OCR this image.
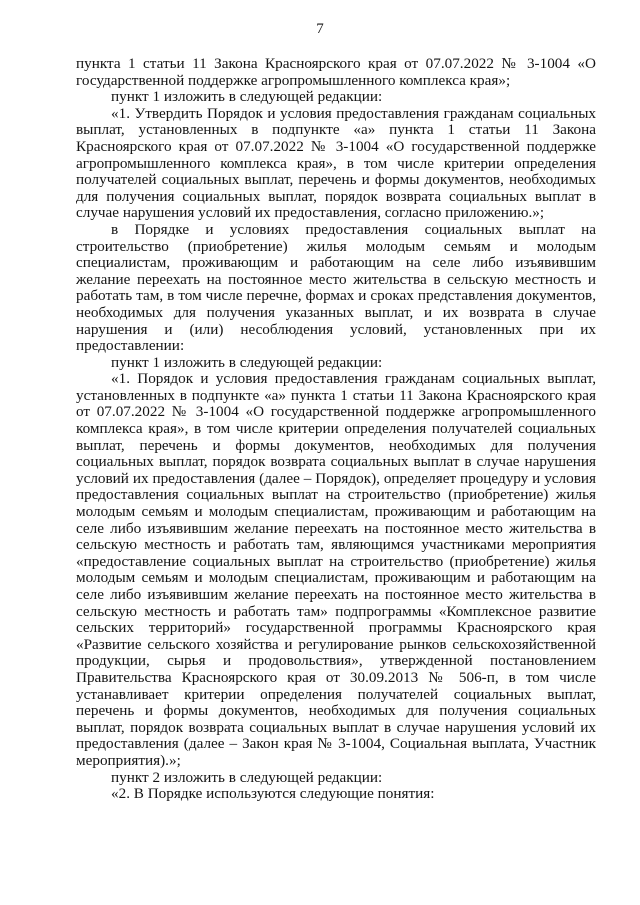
7

пункта 1 статьи 11 Закона Красноярского края от 07.07.2022 № 3-1004 «О государственной поддержке агропромышленного комплекса края»;

пункт 1 изложить в следующей редакции:

«1. Утвердить Порядок и условия предоставления гражданам социальных выплат, установленных в подпункте «а» пункта 1 статьи 11 Закона Красноярского края от 07.07.2022 № 3-1004 «О государственной поддержке агропромышленного комплекса края», в том числе критерии определения получателей социальных выплат, перечень и формы документов, необходимых для получения социальных выплат, порядок возврата социальных выплат в случае нарушения условий их предоставления, согласно приложению.»;

в Порядке и условиях предоставления социальных выплат на строительство (приобретение) жилья молодым семьям и молодым специалистам, проживающим и работающим на селе либо изъявившим желание переехать на постоянное место жительства в сельскую местность и работать там, в том числе перечне, формах и сроках представления документов, необходимых для получения указанных выплат, и их возврата в случае нарушения и (или) несоблюдения условий, установленных при их предоставлении:

пункт 1 изложить в следующей редакции:

«1. Порядок и условия предоставления гражданам социальных выплат, установленных в подпункте «а» пункта 1 статьи 11 Закона Красноярского края от 07.07.2022 № 3-1004 «О государственной поддержке агропромышленного комплекса края», в том числе критерии определения получателей социальных выплат, перечень и формы документов, необходимых для получения социальных выплат, порядок возврата социальных выплат в случае нарушения условий их предоставления (далее – Порядок), определяет процедуру и условия предоставления социальных выплат на строительство (приобретение) жилья молодым семьям и молодым специалистам, проживающим и работающим на селе либо изъявившим желание переехать на постоянное место жительства в сельскую местность и работать там, являющимся участниками мероприятия «предоставление социальных выплат на строительство (приобретение) жилья молодым семьям и молодым специалистам, проживающим и работающим на селе либо изъявившим желание переехать на постоянное место жительства в сельскую местность и работать там» подпрограммы «Комплексное развитие сельских территорий» государственной программы Красноярского края «Развитие сельского хозяйства и регулирование рынков сельскохозяйственной продукции, сырья и продовольствия», утвержденной постановлением Правительства Красноярского края от 30.09.2013 № 506-п, в том числе устанавливает критерии определения получателей социальных выплат, перечень и формы документов, необходимых для получения социальных выплат, порядок возврата социальных выплат в случае нарушения условий их предоставления (далее – Закон края № 3-1004, Социальная выплата, Участник мероприятия).»;

пункт 2 изложить в следующей редакции:

«2. В Порядке используются следующие понятия:
